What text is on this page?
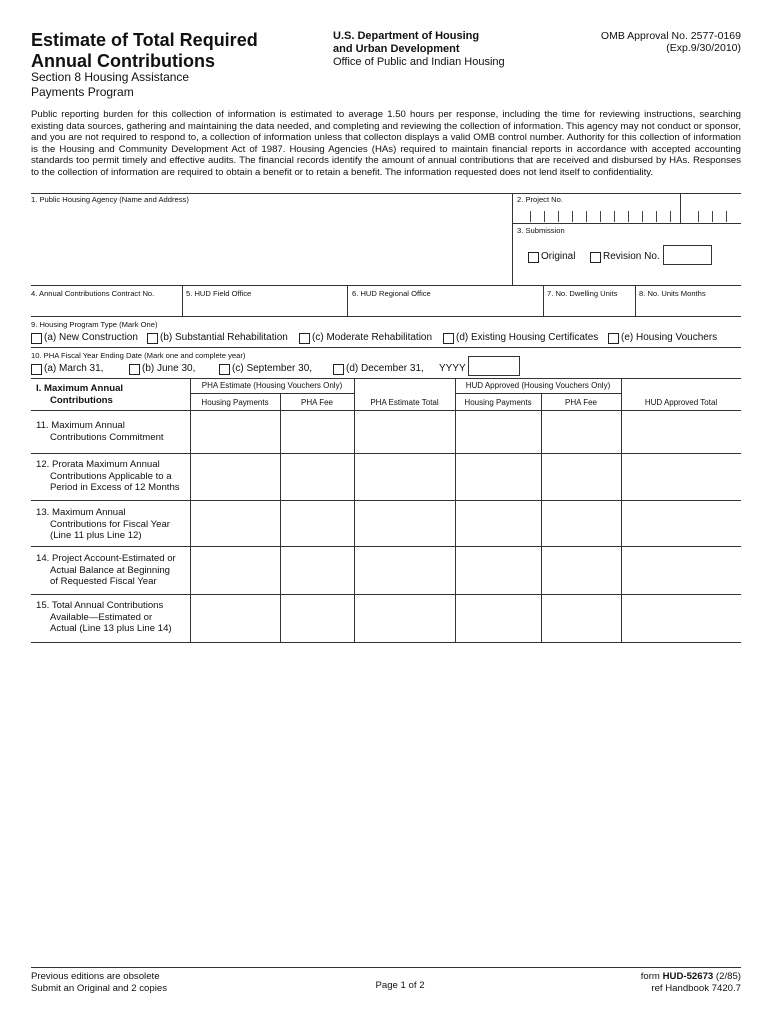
Estimate of Total Required
Annual Contributions
Section 8 Housing Assistance
Payments Program
U.S. Department of Housing
and Urban Development
Office of Public and Indian Housing
OMB Approval No. 2577-0169
(Exp.9/30/2010)
Public reporting burden for this collection of information is estimated to average 1.50 hours per response, including the time for reviewing instructions, searching existing data sources, gathering and maintaining the data needed, and completing and reviewing the collection of information. This agency may not conduct or sponsor, and you are not required to respond to, a collection of information unless that collecton displays a valid OMB control number. Authority for this collection of information is the Housing and Community Development Act of 1987. Housing Agencies (HAs) required to maintain financial reports in accordance with accepted accounting standards too permit timely and effective audits. The financial records identify the amount of annual contributions that are received and disbursed by HAs. Responses to the collection of information are required to obtain a benefit or to retain a benefit. The information requested does not lend itself to confidentiality.
1. Public Housing Agency (Name and Address)	2. Project No.
3. Submission
Original	Revision No.
4. Annual Contributions Contract No.	5. HUD Field Office	6. HUD Regional Office	7. No. Dwelling Units	8. No. Units Months
9. Housing Program Type (Mark One)
(a) New Construction (b) Substantial Rehabilitation (c) Moderate Rehabilitation (d) Existing Housing Certificates (e) Housing Vouchers
10. PHA Fiscal Year Ending Date (Mark one and complete year)
(a) March 31,	(b) June 30,	(c) September 30,	(d) December 31, YYYY
I. Maximum Annual
Contributions
PHA Estimate (Housing Vouchers Only)	HUD Approved (Housing Vouchers Only)
Housing Payments	PHA Fee	PHA Estimate Total	Housing Payments	PHA Fee	HUD Approved Total
11. Maximum Annual
Contributions Commitment
12. Prorata Maximum Annual
Contributions Applicable to a
Period in Excess of 12 Months
13. Maximum Annual
Contributions for Fiscal Year
(Line 11 plus Line 12)
14. Project Account-Estimated or
Actual Balance at Beginning
of Requested Fiscal Year
15. Total Annual Contributions
Available—Estimated or
Actual (Line 13 plus Line 14)
Previous editions are obsolete
Submit an Original and 2 copies	Page 1 of 2
form HUD-52673 (2/85)
ref Handbook 7420.7
